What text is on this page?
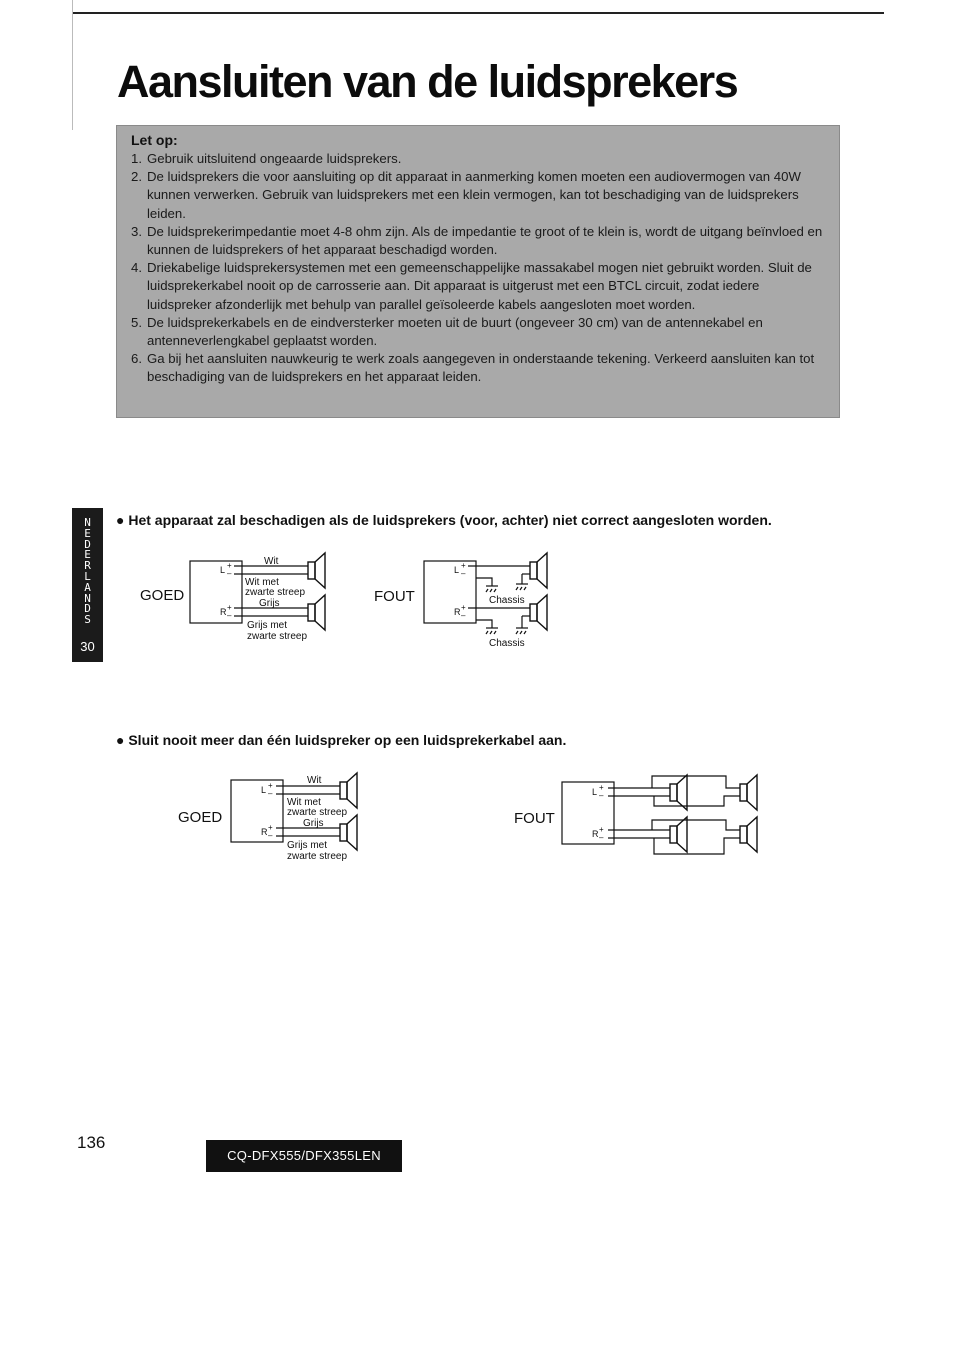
Aansluiten van de luidsprekers
Let op:
1. Gebruik uitsluitend ongeaarde luidsprekers.
2. De luidsprekers die voor aansluiting op dit apparaat in aanmerking komen moeten een audiovermogen van 40W kunnen verwerken. Gebruik van luidsprekers met een klein vermogen, kan tot beschadiging van de luidsprekers leiden.
3. De luidsprekerimpedantie moet 4-8 ohm zijn. Als de impedantie te groot of te klein is, wordt de uitgang beïnvloed en kunnen de luidsprekers of het apparaat beschadigd worden.
4. Driekabelige luidsprekersystemen met een gemeenschappelijke massakabel mogen niet gebruikt worden. Sluit de luidsprekerkabel nooit op de carrosserie aan. Dit apparaat is uitgerust met een BTCL circuit, zodat iedere luidspreker afzonderlijk met behulp van parallel geïsoleerde kabels aangesloten moet worden.
5. De luidsprekerkabels en de eindversterker moeten uit de buurt (ongeveer 30 cm) van de antennekabel en antenneverlengkabel geplaatst worden.
6. Ga bij het aansluiten nauwkeurig te werk zoals aangegeven in onderstaande tekening. Verkeerd aansluiten kan tot beschadiging van de luidsprekers en het apparaat leiden.
N
E
D
E
R
L
A
N
D
S
30
● Het apparaat zal beschadigen als de luidsprekers (voor, achter) niet correct aangesloten worden.
GOED
L +
–
R +
–
Wit
Wit met
zwarte streep
Grijs
Grijs met
zwarte streep
FOUT
L +
–
R +
–
Chassis
Chassis
● Sluit nooit meer dan één luidspreker op een luidsprekerkabel aan.
GOED
L +
–
R +
–
Wit
Wit met
zwarte streep
Grijs
Grijs met
zwarte streep
FOUT
L +
–
R +
–
136
CQ-DFX555/DFX355LEN
